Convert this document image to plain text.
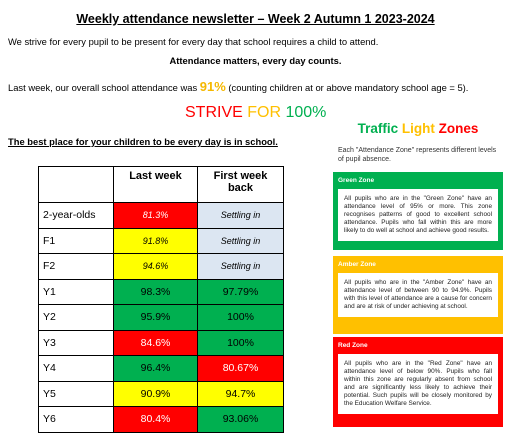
Weekly attendance newsletter – Week 2 Autumn 1 2023-2024
We strive for every pupil to be present for every day that school requires a child to attend.
Attendance matters, every day counts.
Last week, our overall school attendance was 91% (counting children at or above mandatory school age = 5).
STRIVE FOR 100%
The best place for your children to be every day is in school.
	Last week	First week back
2-year-olds	81.3%	Settling in
F1	91.8%	Settling in
F2	94.6%	Settling in
Y1	98.3%	97.79%
Y2	95.9%	100%
Y3	84.6%	100%
Y4	96.4%	80.67%
Y5	90.9%	94.7%
Y6	80.4%	93.06%
Traffic Light Zones
Each "Attendance Zone" represents different levels of pupil absence.
Green Zone
All pupils who are in the "Green Zone" have an attendance level of 95% or more. This zone recognises patterns of good to excellent school attendance. Pupils who fall within this are more likely to do well at school and achieve good results.
Amber Zone
All pupils who are in the "Amber Zone" have an attendance level of between 90 to 94.9%. Pupils with this level of attendance are a cause for concern and are at risk of under achieving at school.
Red Zone
All pupils who are in the "Red Zone" have an attendance level of below 90%. Pupils who fall within this zone are regularly absent from school and are significantly less likely to achieve their potential. Such pupils will be closely monitored by the Education Welfare Service.
